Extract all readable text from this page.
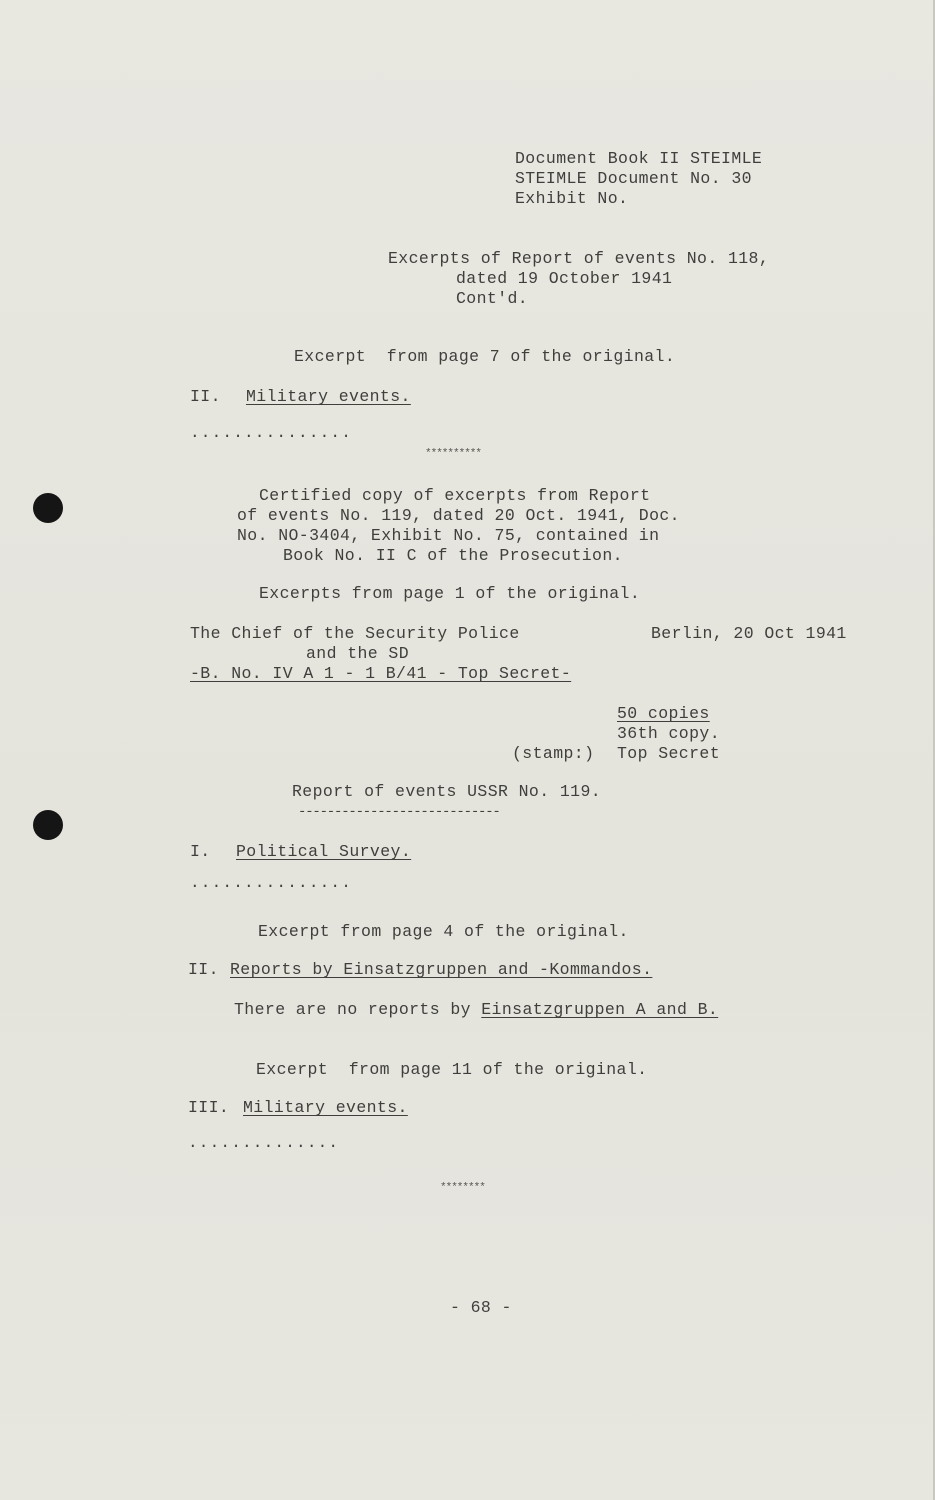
Document Book II STEIMLE
STEIMLE Document No. 30
Exhibit No.
Excerpts of Report of events No. 118,
dated 19 October 1941
Cont'd.
Excerpt  from page 7 of the original.
II. Military events.
...............
**********
Certified copy of excerpts from Report
of events No. 119, dated 20 Oct. 1941, Doc.
No. NO-3404, Exhibit No. 75, contained in
Book No. II C of the Prosecution.
Excerpts from page 1 of the original.
The Chief of the Security Police	Berlin, 20 Oct 1941
and the SD
-B. No. IV A 1 - 1 B/41 - Top Secret-
50 copies
36th copy.
(stamp:) Top Secret
Report of events USSR No. 119.
----------------------------
I. Political Survey.
...............
Excerpt from page 4 of the original.
II. Reports by Einsatzgruppen and -Kommandos.
There are no reports by Einsatzgruppen A and B.
Excerpt  from page 11 of the original.
III. Military events.
..............
********
- 68 -
